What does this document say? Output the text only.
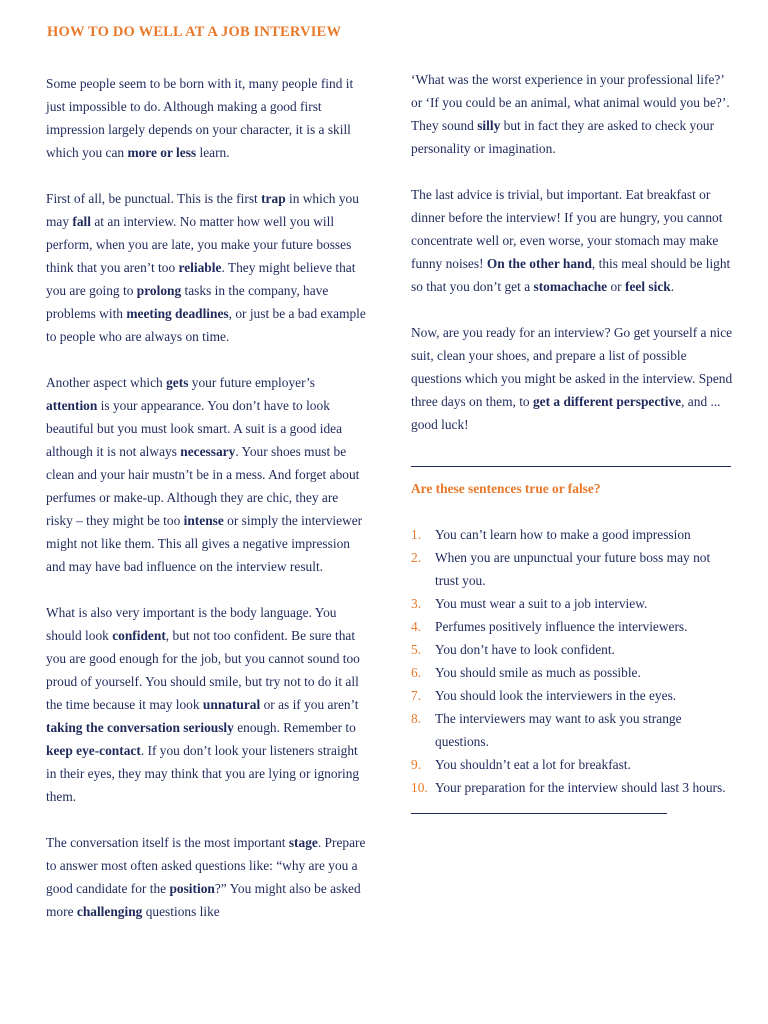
HOW TO DO WELL AT A JOB INTERVIEW

Some people seem to be born with it, many people find it just impossible to do. Although making a good first impression largely depends on your character, it is a skill which you can more or less learn.

First of all, be punctual. This is the first trap in which you may fall at an interview. No matter how well you will perform, when you are late, you make your future bosses think that you aren’t too reliable. They might believe that you are going to prolong tasks in the company, have problems with meeting deadlines, or just be a bad example to people who are always on time.

Another aspect which gets your future employer’s attention is your appearance. You don’t have to look beautiful but you must look smart. A suit is a good idea although it is not always necessary. Your shoes must be clean and your hair mustn’t be in a mess. And forget about perfumes or make-up. Although they are chic, they are risky – they might be too intense or simply the interviewer might not like them. This all gives a negative impression and may have bad influence on the interview result.

What is also very important is the body language. You should look confident, but not too confident. Be sure that you are good enough for the job, but you cannot sound too proud of yourself. You should smile, but try not to do it all the time because it may look unnatural or as if you aren’t taking the conversation seriously enough. Remember to keep eye-contact. If you don’t look your listeners straight in their eyes, they may think that you are lying or ignoring them.

The conversation itself is the most important stage. Prepare to answer most often asked questions like: “why are you a good candidate for the position?” You might also be asked more challenging questions like

‘What was the worst experience in your professional life?’ or ‘If you could be an animal, what animal would you be?’. They sound silly but in fact they are asked to check your personality or imagination.

The last advice is trivial, but important. Eat breakfast or dinner before the interview! If you are hungry, you cannot concentrate well or, even worse, your stomach may make funny noises! On the other hand, this meal should be light so that you don’t get a stomachache or feel sick.

Now, are you ready for an interview? Go get yourself a nice suit, clean your shoes, and prepare a list of possible questions which you might be asked in the interview. Spend three days on them, to get a different perspective, and ... good luck!

Are these sentences true or false?
1.	You can’t learn how to make a good impression
2.	When you are unpunctual your future boss may not trust you.
3.	You must wear a suit to a job interview.
4.	Perfumes positively influence the interviewers.
5.	You don’t have to look confident.
6.	You should smile as much as possible.
7.	You should look the interviewers in the eyes.
8.	The interviewers may want to ask you strange questions.
9.	You shouldn’t eat a lot for breakfast.
10. Your preparation for the interview should last 3 hours.
